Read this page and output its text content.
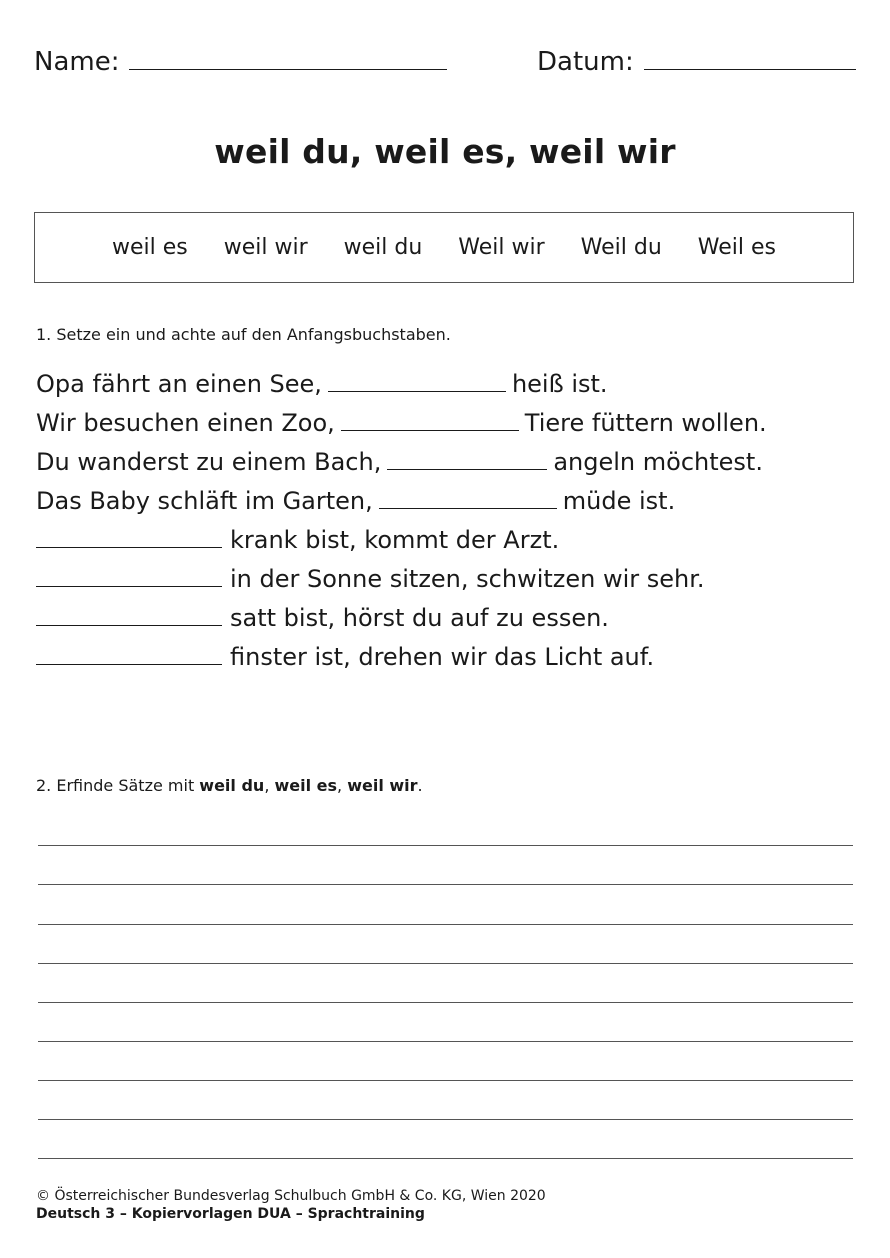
Name:	Datum:
weil du, weil es, weil wir
weil es weil wir weil du Weil wir Weil du Weil es
1. Setze ein und achte auf den Anfangsbuchstaben.
Opa fährt an einen See,	heiß ist.
Wir besuchen einen Zoo,	Tiere füttern wollen.
Du wanderst zu einem Bach,	angeln möchtest.
Das Baby schläft im Garten,	müde ist.
krank bist, kommt der Arzt.
in der Sonne sitzen, schwitzen wir sehr.
satt bist, hörst du auf zu essen.
finster ist, drehen wir das Licht auf.
2. Erfinde Sätze mit weil du, weil es, weil wir.
© Österreichischer Bundesverlag Schulbuch GmbH & Co. KG, Wien 2020
Deutsch 3 – Kopiervorlagen DUA – Sprachtraining
